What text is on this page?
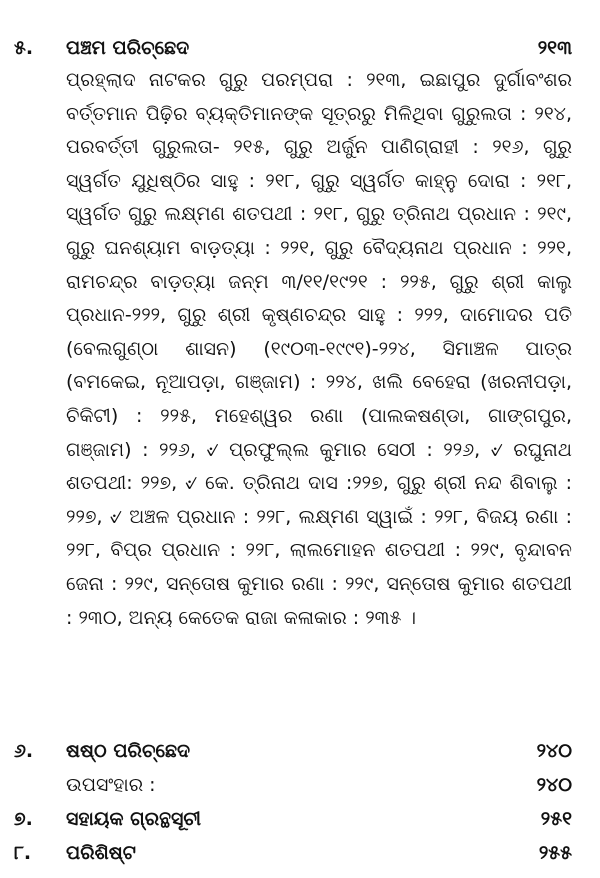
୫. ପଞ୍ଚମ ପରିଚ୍ଛେଦ	୨୧୩
ପ୍ରହ୍ଲାଦ ନାଟକର ଗୁରୁ ପରମ୍ପରା : ୨୧୩, ଇଛାପୁର ଦୁର୍ଗାବଂଶର ବର୍ତ୍ତମାନ ପିଢ଼ିର ବ୍ୟକ୍ତିମାନଙ୍କ ସୂତ୍ରରୁ ମିଳିଥିବା ଗୁରୁଲତା : ୨୧୪, ପରବର୍ତ୍ତୀ ଗୁରୁଲତା- ୨୧୫, ଗୁରୁ ଅର୍ଜୁନ ପାଣିଗ୍ରାହୀ : ୨୧୬, ଗୁରୁ ସ୍ୱର୍ଗତ ଯୁଧିଷ୍ଠିର ସାହୁ : ୨୧୮, ଗୁରୁ ସ୍ୱର୍ଗତ କାହ୍ନୁ ଦୋରା : ୨୧୮, ସ୍ୱର୍ଗତ ଗୁରୁ ଲକ୍ଷ୍ମଣ ଶତପଥୀ : ୨୧୮, ଗୁରୁ ତ୍ରିନାଥ ପ୍ରଧାନ : ୨୧୯, ଗୁରୁ ଘନଶ୍ୟାମ ବାଡ଼ତ୍ୟା : ୨୨୧, ଗୁରୁ ବୈଦ୍ୟନାଥ ପ୍ରଧାନ : ୨୨୧, ରାମଚନ୍ଦ୍ର ବାଡ଼ତ୍ୟା ଜନ୍ମ ୩/୧୧/୧୯୨୧ : ୨୨୫, ଗୁରୁ ଶ୍ରୀ କାଲୁ ପ୍ରଧାନ-୨୨୨, ଗୁରୁ ଶ୍ରୀ କୃଷ୍ଣଚନ୍ଦ୍ର ସାହୁ : ୨୨୨, ଦାମୋଦର ପତି (ବେଲଗୁଣ୍ଠା ଶାସନ) (୧୯୦୩-୧୯୯୧)-୨୨୪, ସିମାଞ୍ଚଳ ପାତ୍ର (ବମକେଇ, ନୂଆପଡ଼ା, ଗଞ୍ଜାମ) : ୨୨୪, ଖଲି ବେହେରା (ଖରନୀପଡ଼ା, ଚିକିଟୀ) : ୨୨୫, ମହେଶ୍ୱର ରଣା (ପାଲକଷଣ୍ଡା, ଗାଙ୍ଗପୁର, ଗଞ୍ଜାମ) : ୨୨୬, ୰ ପ୍ରଫୁଲ୍ଲ କୁମାର ସେଠୀ : ୨୨୬, ୰ ରଘୁନାଥ ଶତପଥୀ: ୨୨୭, ୰ କେ. ତ୍ରିନାଥ ଦାସ :୨୨୭, ଗୁରୁ ଶ୍ରୀ ନନ୍ଦ ଶିବାଲୁ : ୨୨୭, ୰ ଅଞ୍ଚଳ ପ୍ରଧାନ : ୨୨୮, ଲକ୍ଷ୍ମଣ ସ୍ୱାଇଁ : ୨୨୮, ବିଜୟ ରଣା : ୨୨୮, ବିପ୍ର ପ୍ରଧାନ : ୨୨୮, ଲାଲମୋହନ ଶତପଥୀ : ୨୨୯, ବୃନ୍ଦାବନ ଜେନା : ୨୨୯, ସନ୍ତୋଷ କୁମାର ରଣା : ୨୨୯, ସନ୍ତୋଷ କୁମାର ଶତପଥୀ : ୨୩୦, ଅନ୍ୟ କେତେକ ରାଜା କଳାକାର : ୨୩୫ ।
୬. ଷଷ୍ଠ ପରିଚ୍ଛେଦ	୨୪୦
ଉପସଂହାର :	୨୪୦
୭. ସହାୟକ ଗ୍ରନ୍ଥସୂଚୀ	୨୫୧
୮. ପରିଶିଷ୍ଟ	୨୫୫
